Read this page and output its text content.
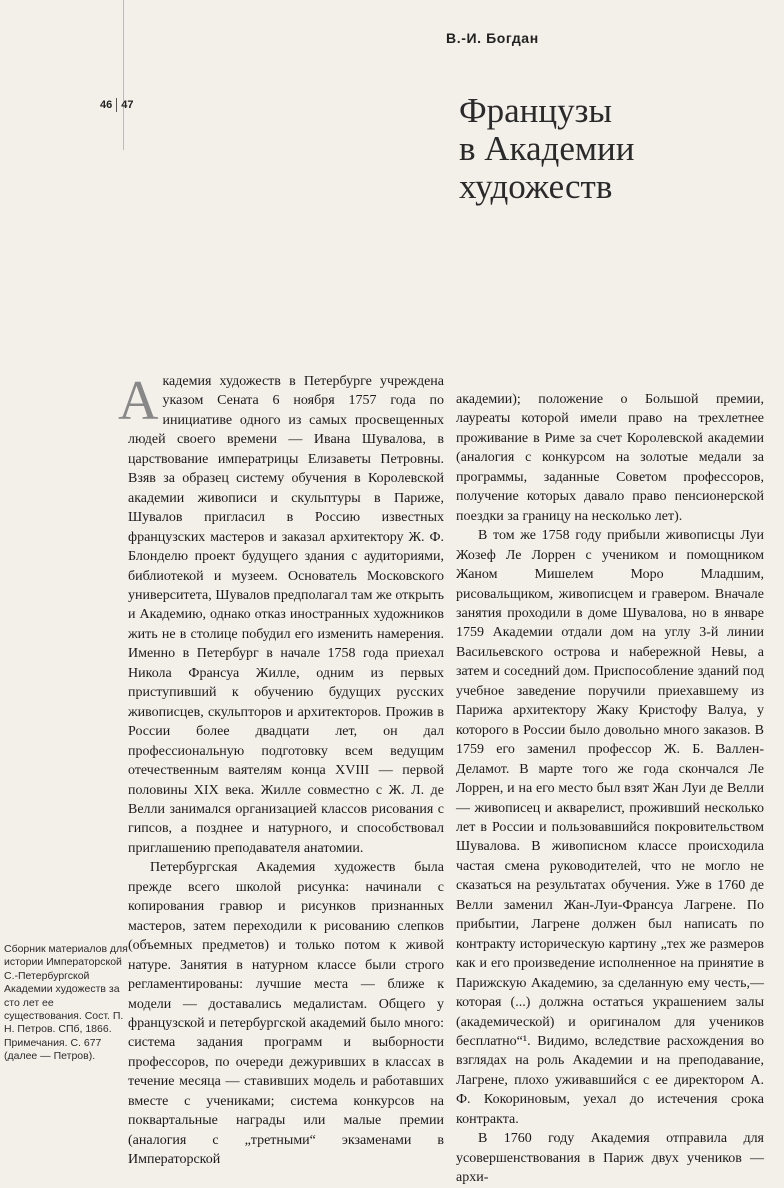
В.-И. Богдан
46 47	Французы
в Академии
художеств

Академия художеств в Петербурге учреждена указом Сената 6 ноября 1757 года по инициативе одного из самых просвещенных людей своего времени — Ивана Шувалова, в царствование императрицы Елизаветы Петровны. Взяв за образец систему обучения в Королевской академии живописи и скульптуры в Париже, Шувалов пригласил в Россию известных французских мастеров и заказал архитектору Ж. Ф. Блонделю проект будущего здания с аудиториями, библиотекой и музеем. Основатель Московского университета, Шувалов предполагал там же открыть и Академию, однако отказ иностранных художников жить не в столице побудил его изменить намерения. Именно в Петербург в начале 1758 года приехал Никола Франсуа Жилле, одним из первых приступивший к обучению будущих русских живописцев, скульпторов и архитекторов. Прожив в России более двадцати лет, он дал профессиональную подготовку всем ведущим отечественным ваятелям конца XVIII — первой половины XIX века. Жилле совместно с Ж. Л. де Велли занимался организацией классов рисования с гипсов, а позднее и натурного, и способствовал приглашению преподавателя анатомии.

Петербургская Академия художеств была прежде всего школой рисунка: начинали с копирования гравюр и рисунков признанных мастеров, затем переходили к рисованию слепков (объемных предметов) и только потом к живой натуре. Занятия в натурном классе были строго регламентированы: лучшие места — ближе к модели — доставались медалистам. Общего у французской и петербургской академий было много: система задания программ и выборности профессоров, по очереди дежуривших в классах в течение месяца — ставивших модель и работавших вместе с учениками; система конкурсов на поквартальные награды или малые премии (аналогия с „третными“ экзаменами в Императорской

академии); положение о Большой премии, лауреаты которой имели право на трехлетнее проживание в Риме за счет Королевской академии (аналогия с конкурсом на золотые медали за программы, заданные Советом профессоров, получение которых давало право пенсионерской поездки за границу на несколько лет).

В том же 1758 году прибыли живописцы Луи Жозеф Ле Лоррен с учеником и помощником Жаном Мишелем Моро Младшим, рисовальщиком, живописцем и гравером. Вначале занятия проходили в доме Шувалова, но в январе 1759 Академии отдали дом на углу 3-й линии Васильевского острова и набережной Невы, а затем и соседний дом. Приспособление зданий под учебное заведение поручили приехавшему из Парижа архитектору Жаку Кристофу Валуа, у которого в России было довольно много заказов. В 1759 его заменил профессор Ж. Б. Валлен-Деламот. В марте того же года скончался Ле Лоррен, и на его место был взят Жан Луи де Велли — живописец и акварелист, проживший несколько лет в России и пользовавшийся покровительством Шувалова. В живописном классе происходила частая смена руководителей, что не могло не сказаться на результатах обучения. Уже в 1760 де Велли заменил Жан-Луи-Франсуа Лагрене. По прибытии, Лагрене должен был написать по контракту историческую картину „тех же размеров как и его произведение исполненное на принятие в Парижскую Академию, за сделанную ему честь,— которая (...) должна остаться украшением залы (академической) и оригиналом для учеников бесплатно“¹. Видимо, вследствие расхождения во взглядах на роль Академии и на преподавание, Лагрене, плохо уживавшийся с ее директором А. Ф. Кокориновым, уехал до истечения срока контракта.

В 1760 году Академия отправила для усовершенствования в Париж двух учеников — архи-

Сборник материалов для истории Императорской С.-Петербургской Академии художеств за сто лет ее существования. Сост. П. Н. Петров. СПб, 1866. Примечания. С. 677 (далее — Петров).
